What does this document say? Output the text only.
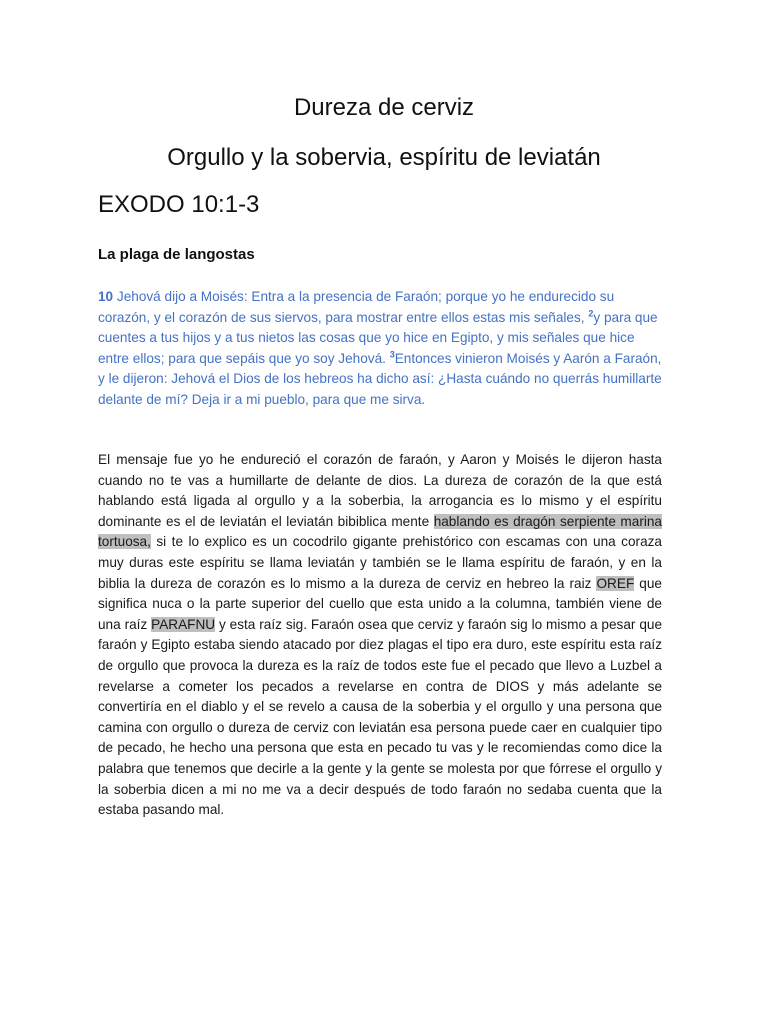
Dureza de cerviz
Orgullo y la sobervia, espíritu de leviatán
EXODO 10:1-3
La plaga de langostas
10 Jehová dijo a Moisés: Entra a la presencia de Faraón; porque yo he endurecido su corazón, y el corazón de sus siervos, para mostrar entre ellos estas mis señales, $^2$y para que cuentes a tus hijos y a tus nietos las cosas que yo hice en Egipto, y mis señales que hice entre ellos; para que sepáis que yo soy Jehová. $^3$Entonces vinieron Moisés y Aarón a Faraón, y le dijeron: Jehová el Dios de los hebreos ha dicho así: ¿Hasta cuándo no querrás humillarte delante de mí? Deja ir a mi pueblo, para que me sirva.
El mensaje fue yo he endureció el corazón de faraón, y Aaron y Moisés le dijeron hasta cuando no te vas a humillarte de delante de dios. La dureza de corazón de la que está hablando está ligada al orgullo y a la soberbia, la arrogancia es lo mismo y el espíritu dominante es el de leviatán el leviatán bibiblica mente hablando es dragón serpiente marina tortuosa, si te lo explico es un cocodrilo gigante prehistórico con escamas con una coraza muy duras este espíritu se llama leviatán y también se le llama espíritu de faraón, y en la biblia la dureza de corazón es lo mismo a la dureza de cerviz en hebreo la raiz OREF que significa nuca o la parte superior del cuello que esta unido a la columna, también viene de una raíz PARAFNU y esta raíz sig. Faraón osea que cerviz y faraón sig lo mismo a pesar que faraón y Egipto estaba siendo atacado por diez plagas el tipo era duro, este espíritu esta raíz de orgullo que provoca la dureza es la raíz de todos este fue el pecado que llevo a Luzbel a revelarse a cometer los pecados a revelarse en contra de DIOS y más adelante se convertiría en el diablo y el se revelo a causa de la soberbia y el orgullo y una persona que camina con orgullo o dureza de cerviz con leviatán esa persona puede caer en cualquier tipo de pecado, he hecho una persona que esta en pecado tu vas y le recomiendas como dice la palabra que tenemos que decirle a la gente y la gente se molesta por que fórrese el orgullo y la soberbia dicen a mi no me va a decir después de todo faraón no sedaba cuenta que la estaba pasando mal.
